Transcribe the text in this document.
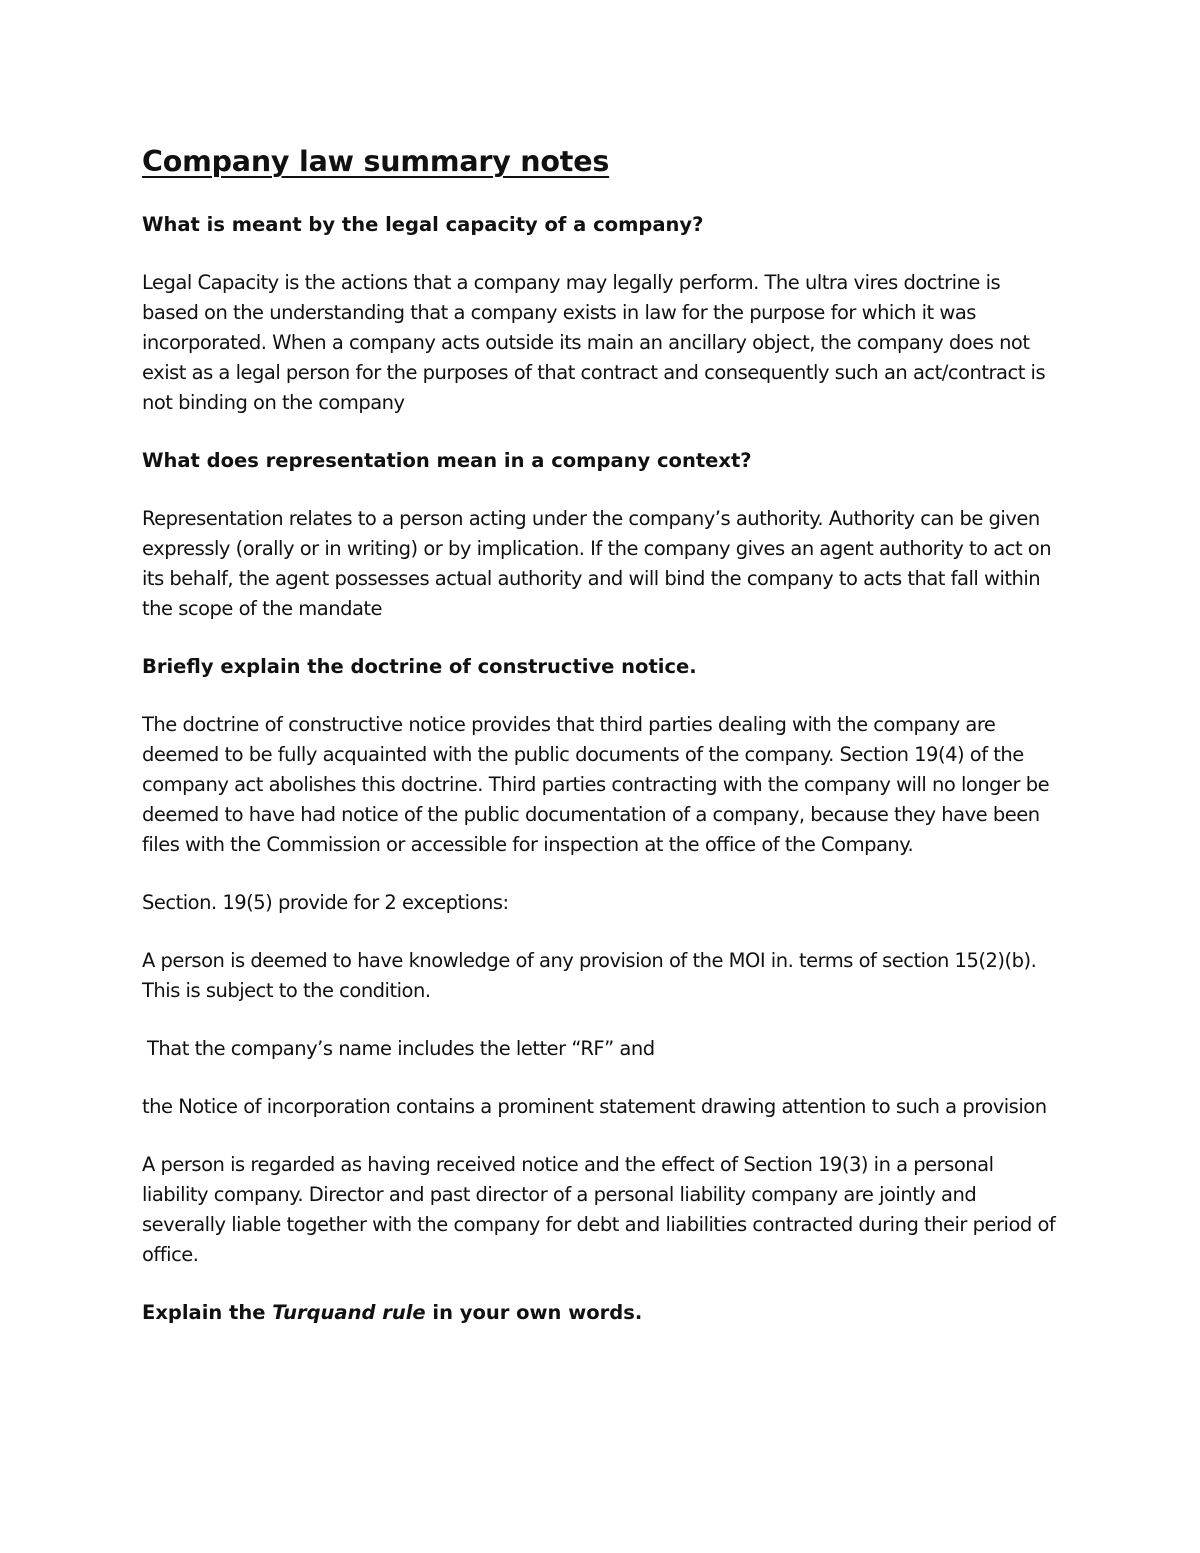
Company law summary notes

What is meant by the legal capacity of a company?

Legal Capacity is the actions that a company may legally perform. The ultra vires doctrine is based on the understanding that a company exists in law for the purpose for which it was incorporated. When a company acts outside its main an ancillary object, the company does not exist as a legal person for the purposes of that contract and consequently such an act/contract is not binding on the company

What does representation mean in a company context?

Representation relates to a person acting under the company’s authority. Authority can be given expressly (orally or in writing) or by implication. If the company gives an agent authority to act on its behalf, the agent possesses actual authority and will bind the company to acts that fall within the scope of the mandate

Briefly explain the doctrine of constructive notice.

The doctrine of constructive notice provides that third parties dealing with the company are deemed to be fully acquainted with the public documents of the company. Section 19(4) of the company act abolishes this doctrine. Third parties contracting with the company will no longer be deemed to have had notice of the public documentation of a company, because they have been files with the Commission or accessible for inspection at the office of the Company.

Section. 19(5) provide for 2 exceptions:

A person is deemed to have knowledge of any provision of the MOI in. terms of section 15(2)(b). This is subject to the condition.

That the company’s name includes the letter “RF” and

the Notice of incorporation contains a prominent statement drawing attention to such a provision

A person is regarded as having received notice and the effect of Section 19(3) in a personal liability company. Director and past director of a personal liability company are jointly and severally liable together with the company for debt and liabilities contracted during their period of office.

Explain the Turquand rule in your own words.
